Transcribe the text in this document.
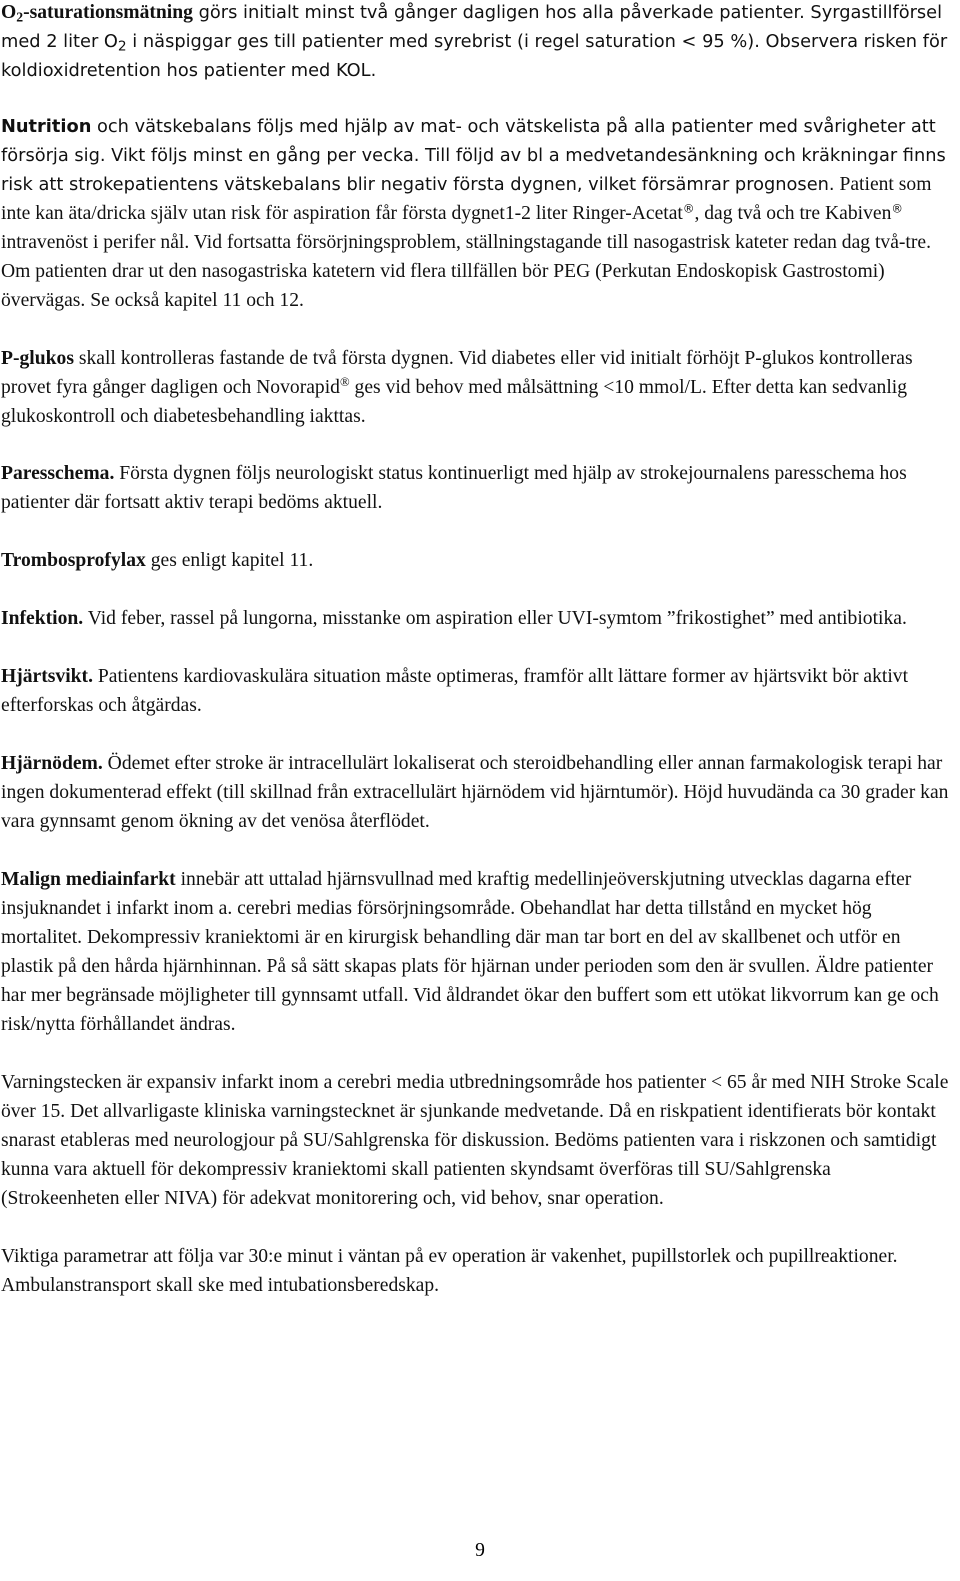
$O_2$-saturationsmätning görs initialt minst två gånger dagligen hos alla påverkade patienter. Syrgastillförsel med 2 liter $O_2$ i näspiggar ges till patienter med syrebrist (i regel saturation < 95 %). Observera risken för koldioxidretention hos patienter med KOL.

Nutrition och vätskebalans följs med hjälp av mat- och vätskelista på alla patienter med svårigheter att försörja sig. Vikt följs minst en gång per vecka. Till följd av bl a medvetandesänkning och kräkningar finns risk att strokepatientens vätskebalans blir negativ första dygnen, vilket försämrar prognosen. Patient som inte kan äta/dricka själv utan risk för aspiration får första dygnet1-2 liter Ringer-Acetat®, dag två och tre Kabiven® intravenöst i perifer nål. Vid fortsatta försörjningsproblem, ställningstagande till nasogastrisk kateter redan dag två-tre. Om patienten drar ut den nasogastriska katetern vid flera tillfällen bör PEG (Perkutan Endoskopisk Gastrostomi) övervägas. Se också kapitel 11 och 12.

P-glukos skall kontrolleras fastande de två första dygnen. Vid diabetes eller vid initialt förhöjt P-glukos kontrolleras provet fyra gånger dagligen och Novorapid® ges vid behov med målsättning <10 mmol/L. Efter detta kan sedvanlig glukoskontroll och diabetesbehandling iakttas.

Paresschema. Första dygnen följs neurologiskt status kontinuerligt med hjälp av strokejournalens paresschema hos patienter där fortsatt aktiv terapi bedöms aktuell.

Trombosprofylax ges enligt kapitel 11.

Infektion. Vid feber, rassel på lungorna, misstanke om aspiration eller UVI-symtom ”frikostighet” med antibiotika.

Hjärtsvikt. Patientens kardiovaskulära situation måste optimeras, framför allt lättare former av hjärtsvikt bör aktivt efterforskas och åtgärdas.

Hjärnödem. Ödemet efter stroke är intracellulärt lokaliserat och steroidbehandling eller annan farmakologisk terapi har ingen dokumenterad effekt (till skillnad från extracellulärt hjärnödem vid hjärntumör). Höjd huvudända ca 30 grader kan vara gynnsamt genom ökning av det venösa återflödet.

Malign mediainfarkt innebär att uttalad hjärnsvullnad med kraftig medellinjeöverskjutning utvecklas dagarna efter insjuknandet i infarkt inom a. cerebri medias försörjningsområde. Obehandlat har detta tillstånd en mycket hög mortalitet. Dekompressiv kraniektomi är en kirurgisk behandling där man tar bort en del av skallbenet och utför en plastik på den hårda hjärnhinnan. På så sätt skapas plats för hjärnan under perioden som den är svullen. Äldre patienter har mer begränsade möjligheter till gynnsamt utfall. Vid åldrandet ökar den buffert som ett utökat likvorrum kan ge och risk/nytta förhållandet ändras.

Varningstecken är expansiv infarkt inom a cerebri media utbredningsområde hos patienter < 65 år med NIH Stroke Scale över 15. Det allvarligaste kliniska varningstecknet är sjunkande medvetande. Då en riskpatient identifierats bör kontakt snarast etableras med neurologjour på SU/Sahlgrenska för diskussion. Bedöms patienten vara i riskzonen och samtidigt kunna vara aktuell för dekompressiv kraniektomi skall patienten skyndsamt överföras till SU/Sahlgrenska (Strokeenheten eller NIVA) för adekvat monitorering och, vid behov, snar operation.

Viktiga parametrar att följa var 30:e minut i väntan på ev operation är vakenhet, pupillstorlek och pupillreaktioner. Ambulanstransport skall ske med intubationsberedskap.

9
